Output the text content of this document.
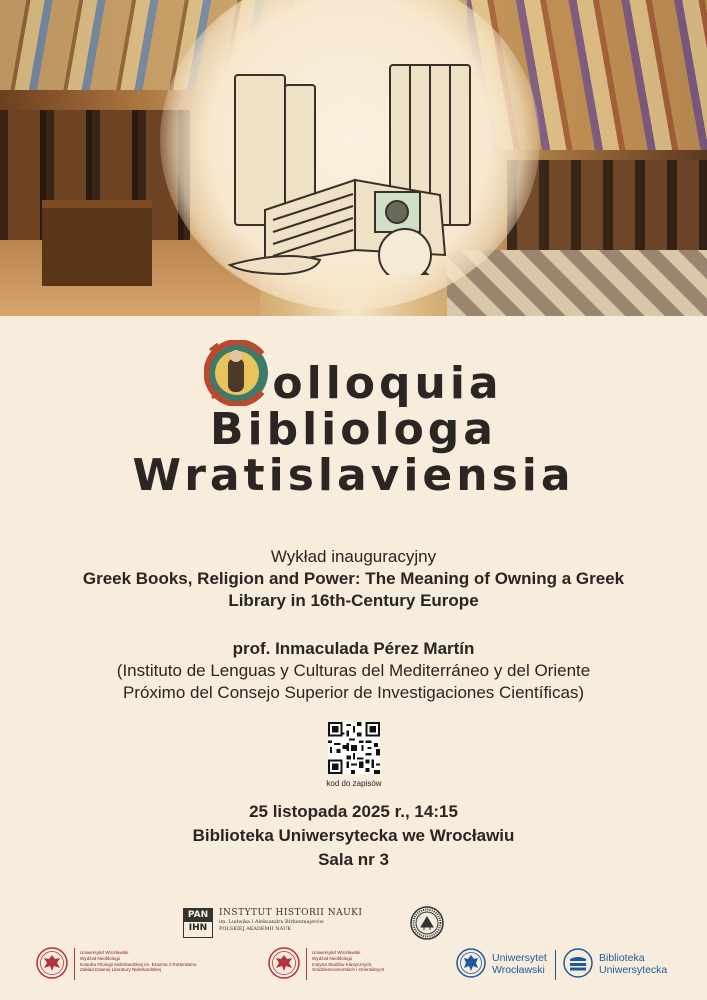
olloquia
Bibliologa
Wratislaviensia
Wykład inauguracyjny
Greek Books, Religion and Power: The Meaning of Owning a Greek
Library in 16th-Century Europe
prof. Inmaculada Pérez Martín
(Instituto de Lenguas y Culturas del Mediterráneo y del Oriente
Próximo del Consejo Superior de Investigaciones Científicas)
kod do zapisów
25 listopada 2025 r., 14:15
Biblioteka Uniwersytecka we Wrocławiu
Sala nr 3
PAN
IHN
INSTYTUT HISTORII NAUKI
im. Ludwika i Aleksandra Birkenmajerów
POLSKIEJ AKADEMII NAUK
Uniwersytet Wrocławski
Wydział Neofilologii
Katedra Filologii Niderlandzkiej im. Erazma z Rotterdamu
Zakład Dawnej Literatury Niderlandzkiej
Uniwersytet Wrocławski
Wydział Neofilologii
Instytut Studiów Klasycznych,
Śródziemnomorskich i Orientalnych
Uniwersytet
Wrocławski
Biblioteka
Uniwersytecka
